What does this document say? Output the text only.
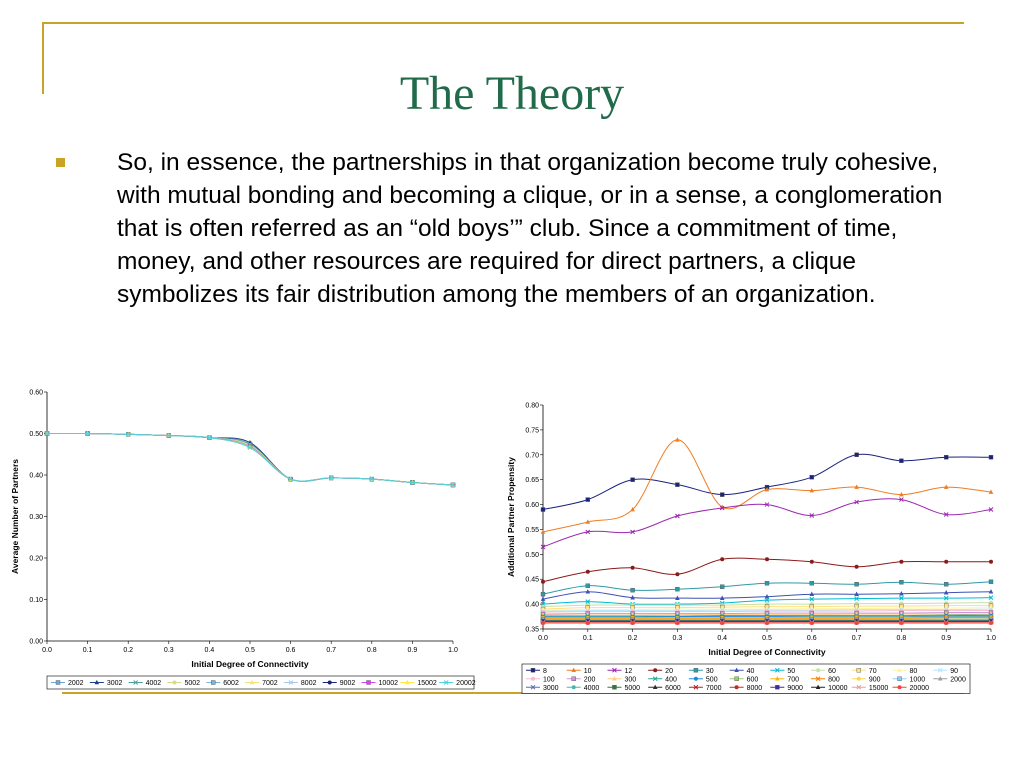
The Theory

So, in essence, the partnerships in that organization become truly cohesive, with mutual bonding and becoming a clique, or in a sense, a conglomeration that is often referred as an “old boys’” club. Since a commitment of time, money, and other resources are required for direct partners, a clique symbolizes its fair distribution among the members of an organization.

0.00
0.10
0.20
0.30
0.40
0.50
0.60
0.0	0.1	0.2	0.3	0.4	0.5	0.6	0.7	0.8	0.9	1.0
Initial Degree of Connectivity
Average Number of Partners
2002	3002	4002	5002	6002	7002	8002	9002	10002	15002	20002
0.35
0.40
0.45
0.50
0.55
0.60
0.65
0.70
0.75
0.80
0.0	0.1	0.2	0.3	0.4	0.5	0.6	0.7	0.8	0.9	1.0
Initial Degree of Connectivity
Additional Partner Propensity
8	10	12	20	30	40	50	60	70	80	90
100	200	300	400	500	600	700	800	900	1000	2000
3000	4000	5000	6000	7000	8000	9000	10000	15000	20000
